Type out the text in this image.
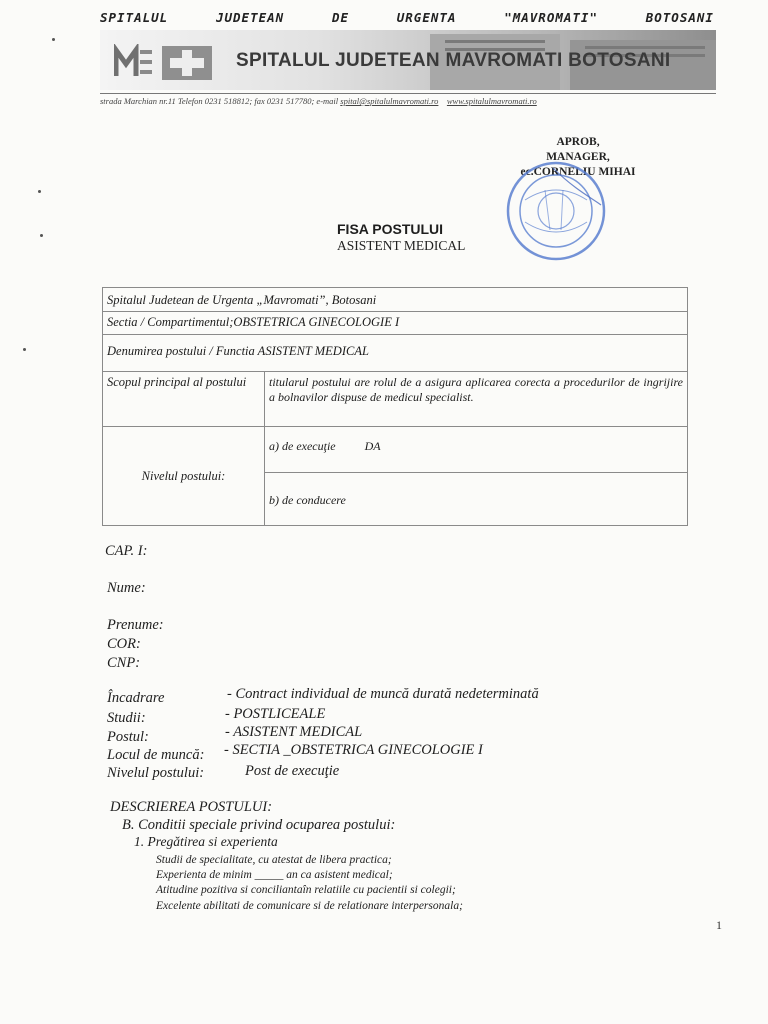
SPITALUL	JUDETEAN	DE	URGENTA	"MAVROMATI"	BOTOSANI
SPITALUL JUDETEAN MAVROMATI BOTOSANI
strada Marchian nr.11 Telefon 0231 518812; fax 0231 517780; e-mail spital@spitalulmavromati.ro www.spitalulmavromati.ro
APROB,
MANAGER,
ec.CORNELIU MIHAI
FISA POSTULUI
ASISTENT MEDICAL
Spitalul Judetean de Urgenta „Mavromati”, Botosani
Sectia / Compartimentul;OBSTETRICA GINECOLOGIE I
Denumirea postului / Functia ASISTENT MEDICAL
Scopul principal al postului	titularul postului are rolul de a asigura aplicarea corecta a procedurilor de ingrijire a bolnavilor dispuse de medicul specialist.
Nivelul postului:
a) de execuţie DA
b) de conducere
CAP. I:
Nume:
Prenume:
COR:
CNP:
Încadrare	- Contract individual de muncă durată nedeterminată
Studii:	- POSTLICEALE
Postul:	- ASISTENT MEDICAL
Locul de muncă: - SECTIA _OBSTETRICA GINECOLOGIE I
Nivelul postului:	Post de execuţie
DESCRIEREA POSTULUI:
B. Conditii speciale privind ocuparea postului:
1. Pregătirea si experienta
Studii de specialitate, cu atestat de libera practica;
Experienta de minim _____ an ca asistent medical;
Atitudine pozitiva si conciliantaîn relatiile cu pacientii si colegii;
Excelente abilitati de comunicare si de relationare interpersonala;
1
